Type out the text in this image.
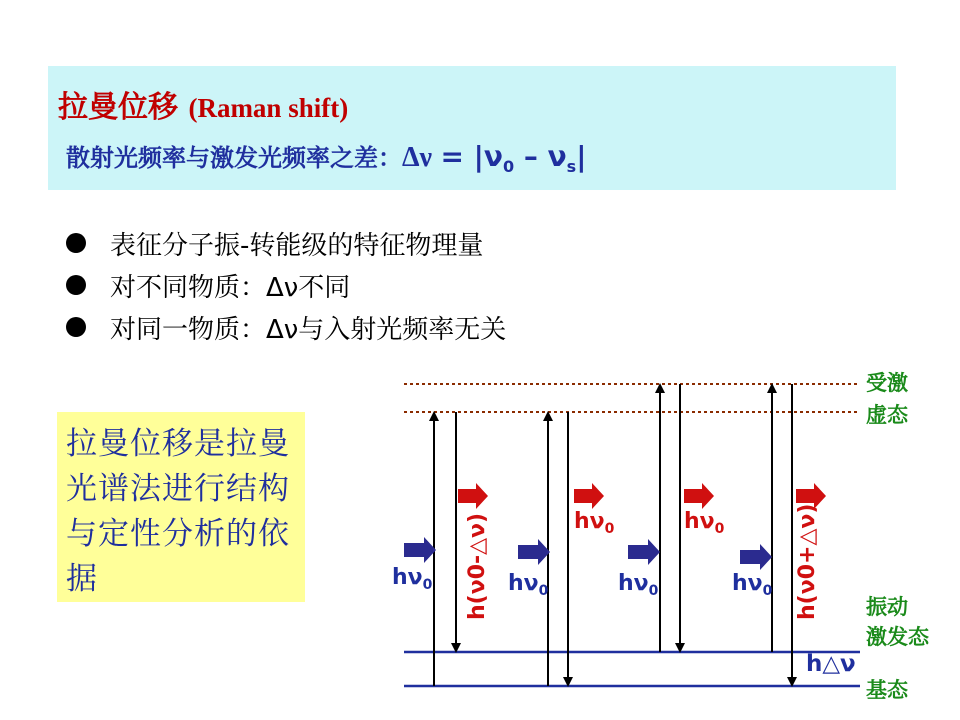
拉曼位移 (Raman shift)
散射光频率与激发光频率之差：$\Delta\nu = |\nu_0 - \nu_s|$
表征分子振-转能级的特征物理量
对不同物质：Δν不同
对同一物质：Δν与入射光频率无关
拉曼位移是拉曼光谱法进行结构与定性分析的依据
受激
虚态
振动
激发态
基态
$h\nu_0$	$h\nu_0$	$h\nu_0$	$h\nu_0$
$h\nu_0$	$h\nu_0$
h(ν0-△ν)	h(ν0+△ν)
h△ν
